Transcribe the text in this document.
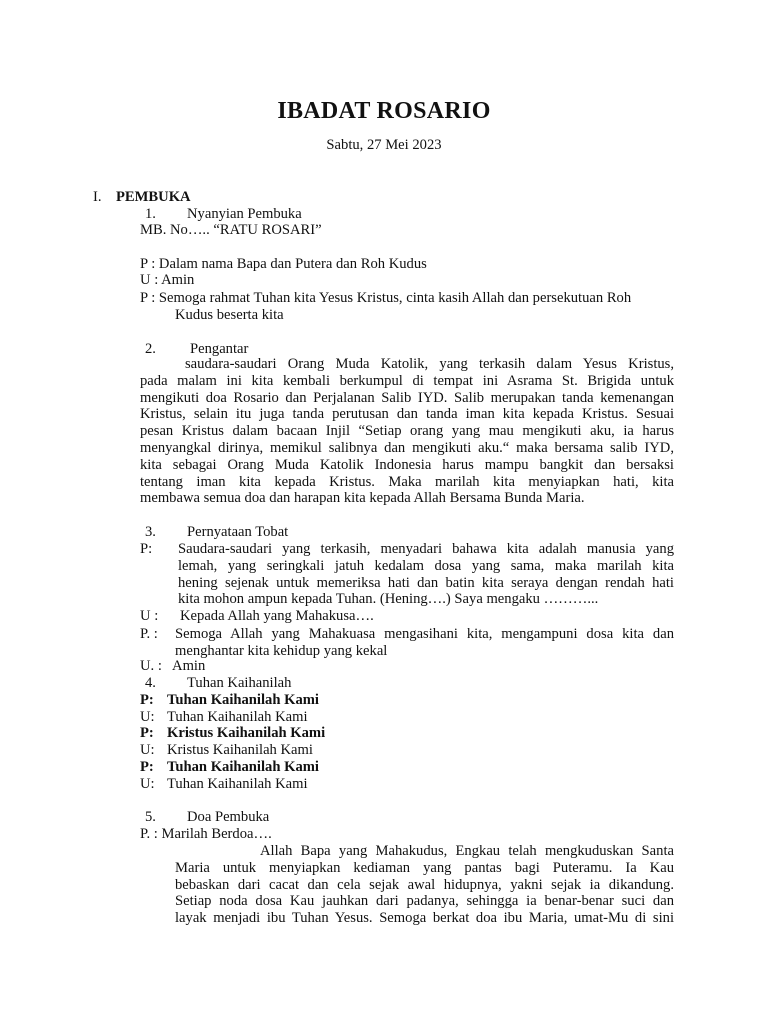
IBADAT ROSARIO
Sabtu, 27 Mei 2023
I. PEMBUKA
1. Nyanyian Pembuka
MB. No….. “RATU ROSARI”
P : Dalam nama Bapa dan Putera dan Roh Kudus
U : Amin
P : Semoga rahmat Tuhan kita Yesus Kristus, cinta kasih Allah dan persekutuan Roh
Kudus beserta kita
2. Pengantar
saudara-saudari Orang Muda Katolik, yang terkasih dalam Yesus Kristus,
pada malam ini kita kembali berkumpul di tempat ini Asrama St. Brigida untuk
mengikuti doa Rosario dan Perjalanan Salib IYD. Salib merupakan tanda kemenangan
Kristus, selain itu juga tanda perutusan dan tanda iman kita kepada Kristus. Sesuai
pesan Kristus dalam bacaan Injil “Setiap orang yang mau mengikuti aku, ia harus
menyangkal dirinya, memikul salibnya dan mengikuti aku.“ maka bersama salib IYD,
kita sebagai Orang Muda Katolik Indonesia harus mampu bangkit dan bersaksi
tentang iman kita kepada Kristus. Maka marilah kita menyiapkan hati, kita
membawa semua doa dan harapan kita kepada Allah Bersama Bunda Maria.
3. Pernyataan Tobat
P: Saudara-saudari yang terkasih, menyadari bahawa kita adalah manusia yang
lemah, yang seringkali jatuh kedalam dosa yang sama, maka marilah kita
hening sejenak untuk memeriksa hati dan batin kita seraya dengan rendah hati
kita mohon ampun kepada Tuhan. (Hening….) Saya mengaku ………...
U : Kepada Allah yang Mahakusa….
P. : Semoga Allah yang Mahakuasa mengasihani kita, mengampuni dosa kita dan
menghantar kita kehidup yang kekal
U. :   Amin
4. Tuhan Kaihanilah
P: Tuhan Kaihanilah Kami
U: Tuhan Kaihanilah Kami
P: Kristus Kaihanilah Kami
U: Kristus Kaihanilah Kami
P: Tuhan Kaihanilah Kami
U: Tuhan Kaihanilah Kami
5. Doa Pembuka
P. : Marilah Berdoa….
Allah Bapa yang Mahakudus, Engkau telah mengkuduskan Santa
Maria untuk menyiapkan kediaman yang pantas bagi Puteramu. Ia Kau
bebaskan dari cacat dan cela sejak awal hidupnya, yakni sejak ia dikandung.
Setiap noda dosa Kau jauhkan dari padanya, sehingga ia benar-benar suci dan
layak menjadi ibu Tuhan Yesus. Semoga berkat doa ibu Maria, umat-Mu di sini
